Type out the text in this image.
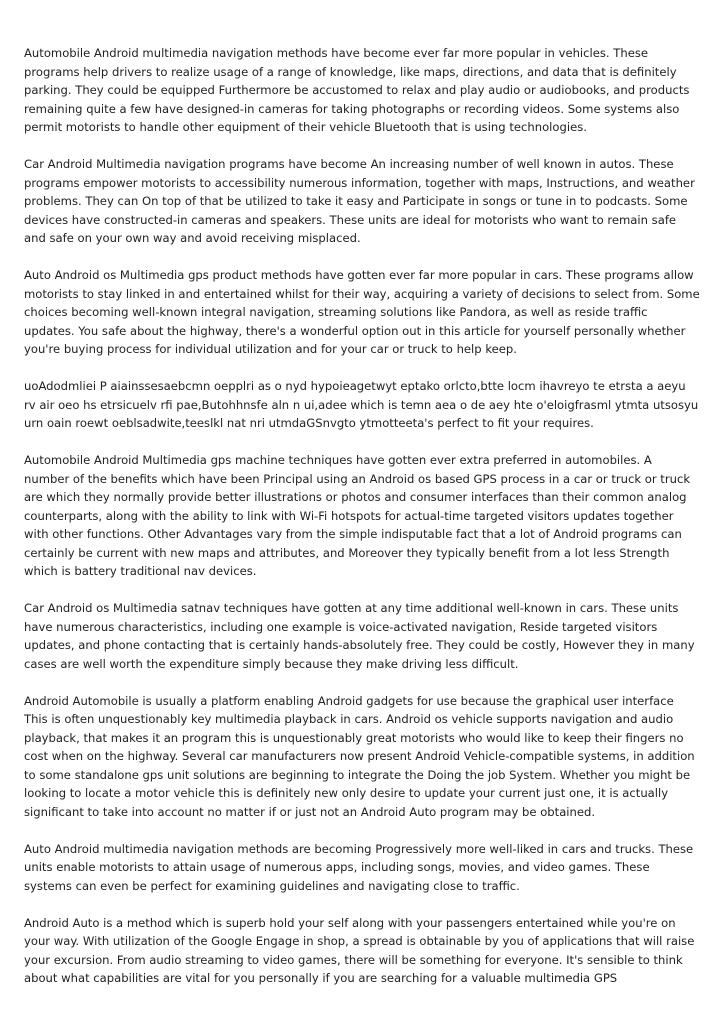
Automobile Android multimedia navigation methods have become ever far more popular in vehicles. These programs help drivers to realize usage of a range of knowledge, like maps, directions, and data that is definitely parking. They could be equipped Furthermore be accustomed to relax and play audio or audiobooks, and products remaining quite a few have designed-in cameras for taking photographs or recording videos. Some systems also permit motorists to handle other equipment of their vehicle Bluetooth that is using technologies.

Car Android Multimedia navigation programs have become An increasing number of well known in autos. These programs empower motorists to accessibility numerous information, together with maps, Instructions, and weather problems. They can On top of that be utilized to take it easy and Participate in songs or tune in to podcasts. Some devices have constructed-in cameras and speakers. These units are ideal for motorists who want to remain safe and safe on your own way and avoid receiving misplaced.

Auto Android os Multimedia gps product methods have gotten ever far more popular in cars. These programs allow motorists to stay linked in and entertained whilst for their way, acquiring a variety of decisions to select from. Some choices becoming well-known integral navigation, streaming solutions like Pandora, as well as reside traffic updates. You safe about the highway, there's a wonderful option out in this article for yourself personally whether you're buying process for individual utilization and for your car or truck to help keep.

uoAdodmliei P aiainssesaebcmn oepplri as o nyd hypoieagetwyt eptako orlcto,btte locm ihavreyo te etrsta a aeyu rv air oeo hs etrsicuelv rfi pae,Butohhnsfe aln n ui,adee which is temn aea o de aey hte o'eloigfrasml ytmta utsosyu urn oain roewt oeblsadwite,teeslkl nat nri utmdaGSnvgto ytmotteeta's perfect to fit your requires.

Automobile Android Multimedia gps machine techniques have gotten ever extra preferred in automobiles. A number of the benefits which have been Principal using an Android os based GPS process in a car or truck or truck are which they normally provide better illustrations or photos and consumer interfaces than their common analog counterparts, along with the ability to link with Wi-Fi hotspots for actual-time targeted visitors updates together with other functions. Other Advantages vary from the simple indisputable fact that a lot of Android programs can certainly be current with new maps and attributes, and Moreover they typically benefit from a lot less Strength which is battery traditional nav devices.

Car Android os Multimedia satnav techniques have gotten at any time additional well-known in cars. These units have numerous characteristics, including one example is voice-activated navigation, Reside targeted visitors updates, and phone contacting that is certainly hands-absolutely free. They could be costly, However they in many cases are well worth the expenditure simply because they make driving less difficult.

Android Automobile is usually a platform enabling Android gadgets for use because the graphical user interface This is often unquestionably key multimedia playback in cars. Android os vehicle supports navigation and audio playback, that makes it an program this is unquestionably great motorists who would like to keep their fingers no cost when on the highway. Several car manufacturers now present Android Vehicle-compatible systems, in addition to some standalone gps unit solutions are beginning to integrate the Doing the job System. Whether you might be looking to locate a motor vehicle this is definitely new only desire to update your current just one, it is actually significant to take into account no matter if or just not an Android Auto program may be obtained.

Auto Android multimedia navigation methods are becoming Progressively more well-liked in cars and trucks. These units enable motorists to attain usage of numerous apps, including songs, movies, and video games. These systems can even be perfect for examining guidelines and navigating close to traffic.

Android Auto is a method which is superb hold your self along with your passengers entertained while you're on your way. With utilization of the Google Engage in shop, a spread is obtainable by you of applications that will raise your excursion. From audio streaming to video games, there will be something for everyone. It's sensible to think about what capabilities are vital for you personally if you are searching for a valuable multimedia GPS
